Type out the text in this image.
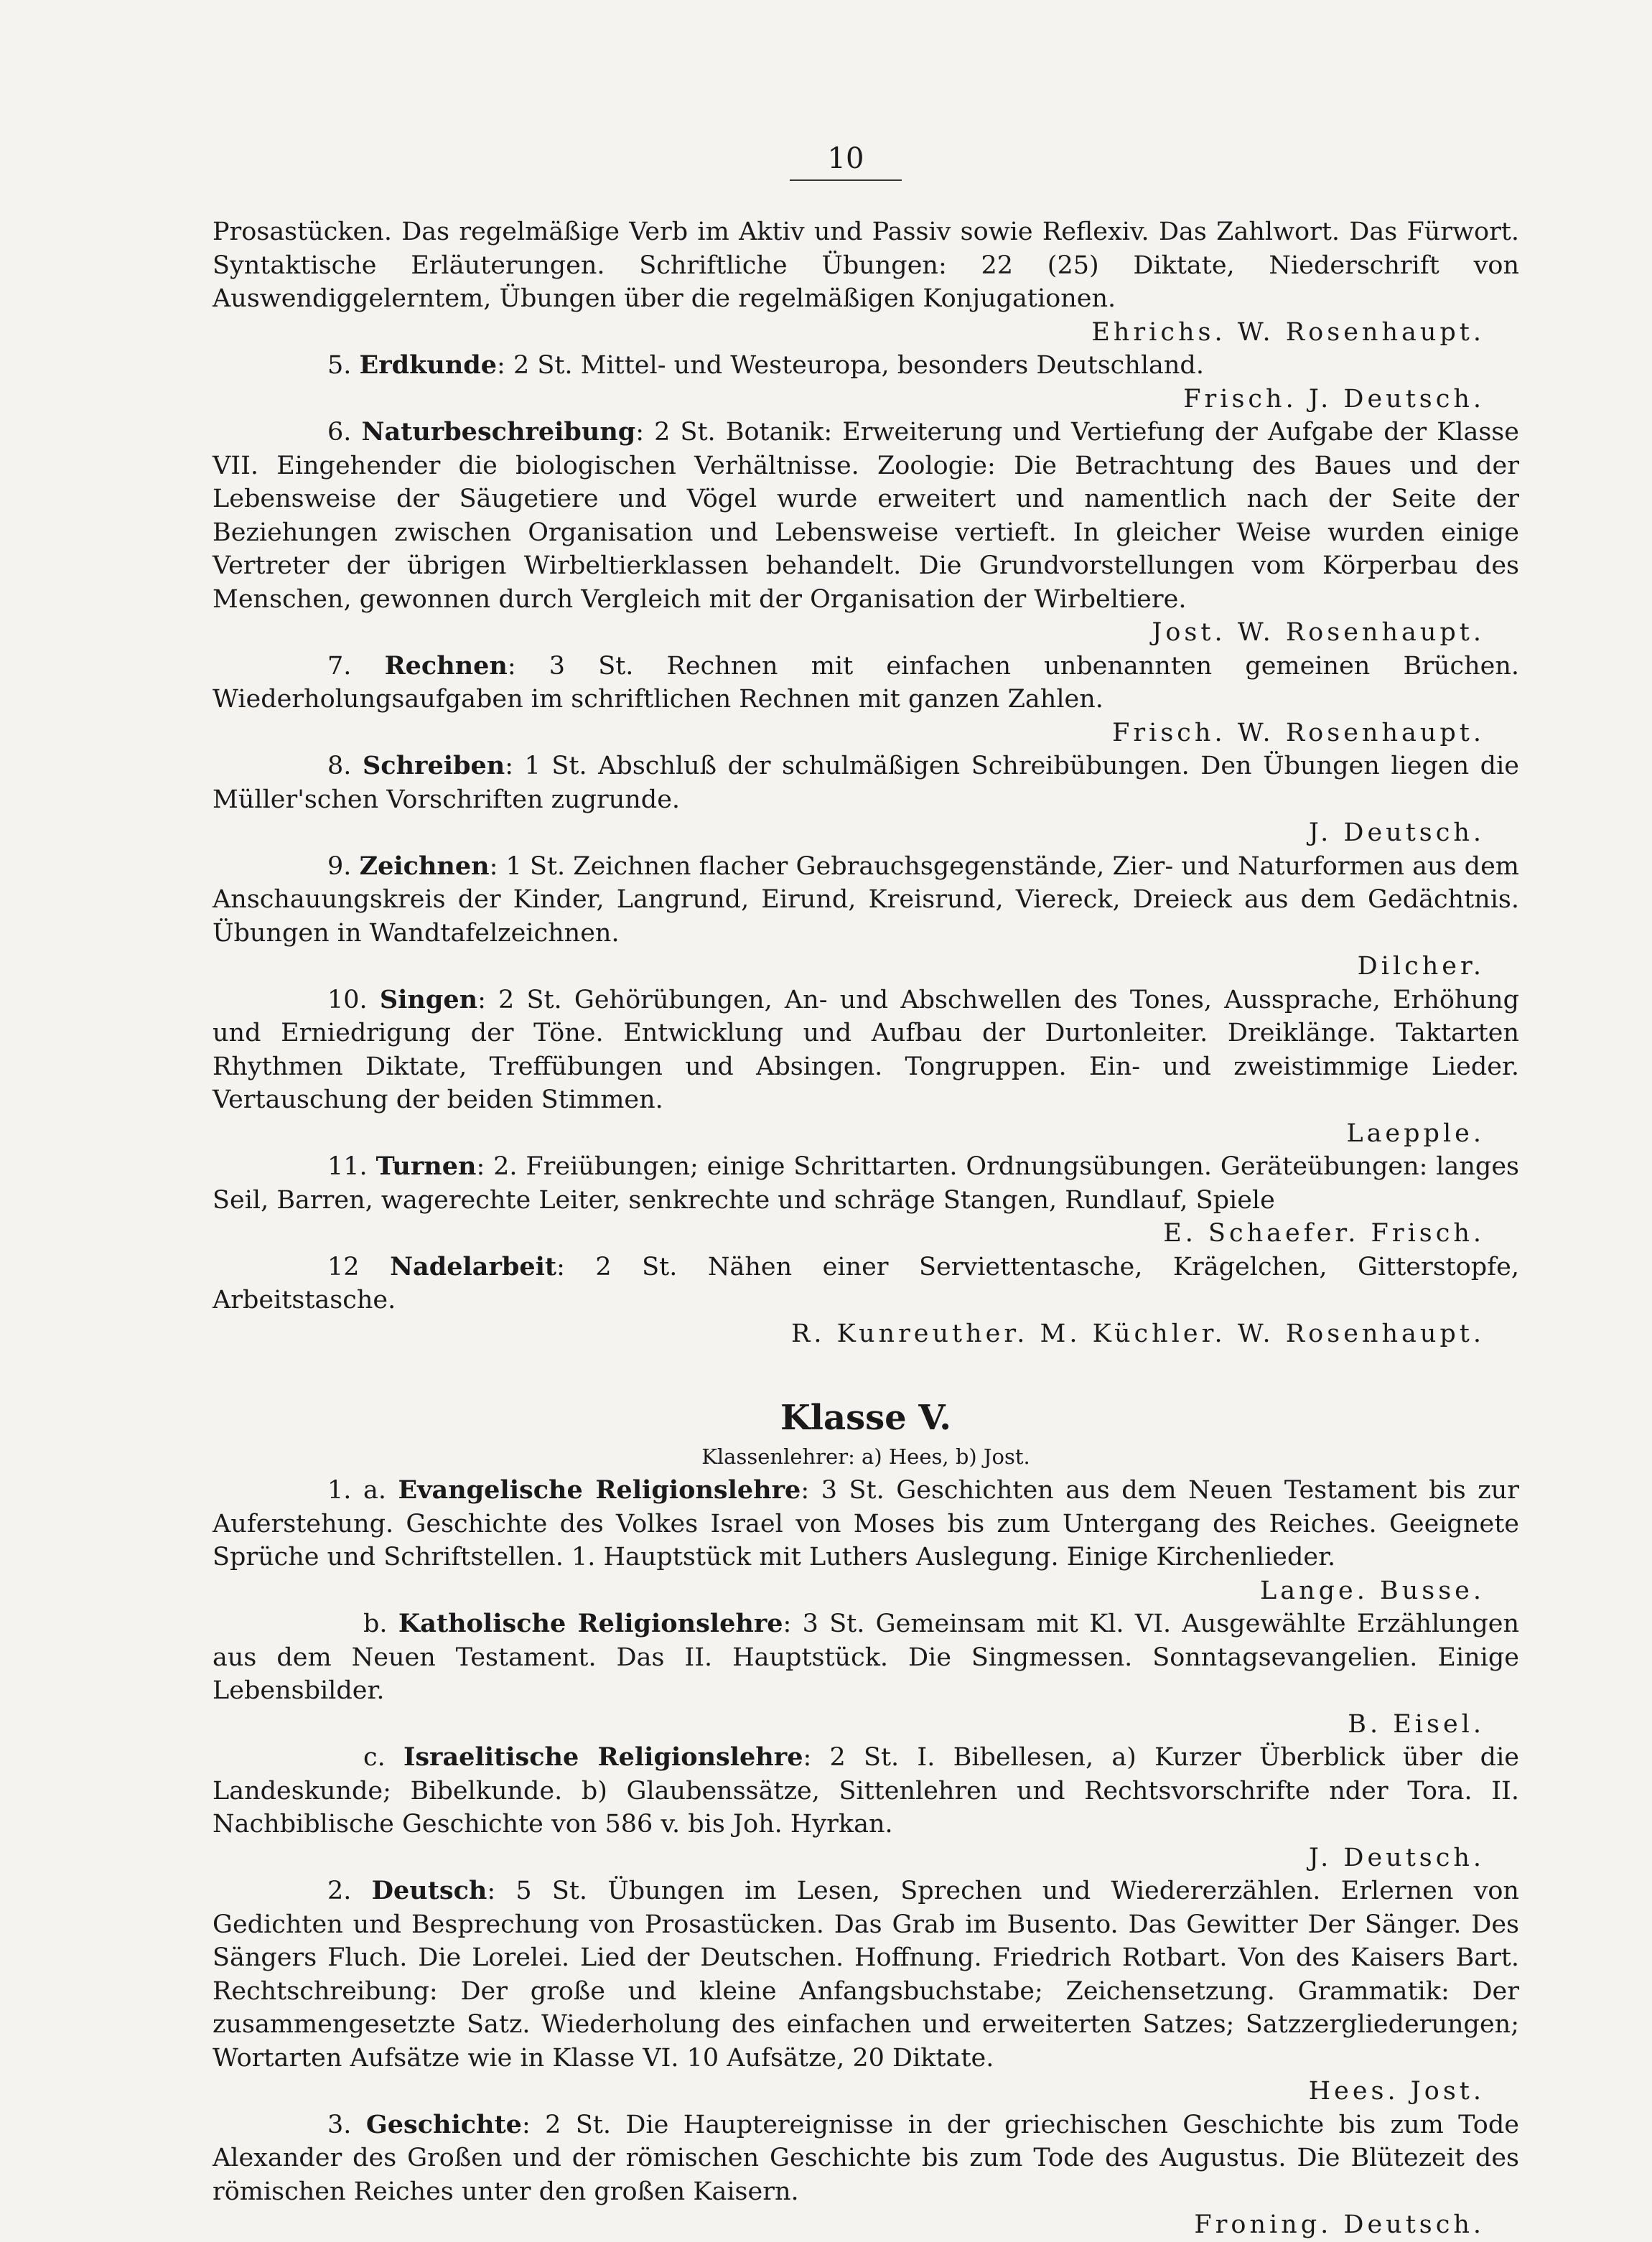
10

Prosastücken. Das regelmäßige Verb im Aktiv und Passiv sowie Reflexiv. Das Zahlwort. Das Fürwort. Syntaktische Erläuterungen. Schriftliche Übungen: 22 (25) Diktate, Niederschrift von Auswendiggelerntem, Übungen über die regelmäßigen Konjugationen.

Ehrichs. W. Rosenhaupt.

5. Erdkunde: 2 St. Mittel- und Westeuropa, besonders Deutschland.

Frisch. J. Deutsch.

6. Naturbeschreibung: 2 St. Botanik: Erweiterung und Vertiefung der Aufgabe der Klasse VII. Eingehender die biologischen Verhältnisse. Zoologie: Die Betrachtung des Baues und der Lebensweise der Säugetiere und Vögel wurde erweitert und namentlich nach der Seite der Beziehungen zwischen Organisation und Lebensweise vertieft. In gleicher Weise wurden einige Vertreter der übrigen Wirbeltierklassen behandelt. Die Grundvorstellungen vom Körperbau des Menschen, gewonnen durch Vergleich mit der Organisation der Wirbeltiere.

Jost. W. Rosenhaupt.

7. Rechnen: 3 St. Rechnen mit einfachen unbenannten gemeinen Brüchen. Wiederholungsaufgaben im schriftlichen Rechnen mit ganzen Zahlen.

Frisch. W. Rosenhaupt.

8. Schreiben: 1 St. Abschluß der schulmäßigen Schreibübungen. Den Übungen liegen die Müller'schen Vorschriften zugrunde.

J. Deutsch.

9. Zeichnen: 1 St. Zeichnen flacher Gebrauchsgegenstände, Zier- und Naturformen aus dem Anschauungskreis der Kinder, Langrund, Eirund, Kreisrund, Viereck, Dreieck aus dem Gedächtnis. Übungen in Wandtafelzeichnen.

Dilcher.

10. Singen: 2 St. Gehörübungen, An- und Abschwellen des Tones, Aussprache, Erhöhung und Erniedrigung der Töne. Entwicklung und Aufbau der Durtonleiter. Dreiklänge. Taktarten Rhythmen Diktate, Treffübungen und Absingen. Tongruppen. Ein- und zweistimmige Lieder. Vertauschung der beiden Stimmen.

Laepple.

11. Turnen: 2. Freiübungen; einige Schrittarten. Ordnungsübungen. Geräteübungen: langes Seil, Barren, wagerechte Leiter, senkrechte und schräge Stangen, Rundlauf, Spiele

E. Schaefer. Frisch.

12 Nadelarbeit: 2 St. Nähen einer Serviettentasche, Krägelchen, Gitterstopfe, Arbeitstasche.

R. Kunreuther. M. Küchler. W. Rosenhaupt.

Klasse V.
Klassenlehrer: a) Hees, b) Jost.

1. a. Evangelische Religionslehre: 3 St. Geschichten aus dem Neuen Testament bis zur Auferstehung. Geschichte des Volkes Israel von Moses bis zum Untergang des Reiches. Geeignete Sprüche und Schriftstellen. 1. Hauptstück mit Luthers Auslegung. Einige Kirchenlieder.

Lange. Busse.

b. Katholische Religionslehre: 3 St. Gemeinsam mit Kl. VI. Ausgewählte Erzählungen aus dem Neuen Testament. Das II. Hauptstück. Die Singmessen. Sonntagsevangelien. Einige Lebensbilder.

B. Eisel.

c. Israelitische Religionslehre: 2 St. I. Bibellesen, a) Kurzer Überblick über die Landeskunde; Bibelkunde. b) Glaubenssätze, Sittenlehren und Rechtsvorschrifte nder Tora. II. Nachbiblische Geschichte von 586 v. bis Joh. Hyrkan.

J. Deutsch.

2. Deutsch: 5 St. Übungen im Lesen, Sprechen und Wiedererzählen. Erlernen von Gedichten und Besprechung von Prosastücken. Das Grab im Busento. Das Gewitter Der Sänger. Des Sängers Fluch. Die Lorelei. Lied der Deutschen. Hoffnung. Friedrich Rotbart. Von des Kaisers Bart. Rechtschreibung: Der große und kleine Anfangsbuchstabe; Zeichensetzung. Grammatik: Der zusammengesetzte Satz. Wiederholung des einfachen und erweiterten Satzes; Satzzergliederungen; Wortarten Aufsätze wie in Klasse VI. 10 Aufsätze, 20 Diktate.

Hees. Jost.

3. Geschichte: 2 St. Die Hauptereignisse in der griechischen Geschichte bis zum Tode Alexander des Großen und der römischen Geschichte bis zum Tode des Augustus. Die Blütezeit des römischen Reiches unter den großen Kaisern.

Froning. Deutsch.
